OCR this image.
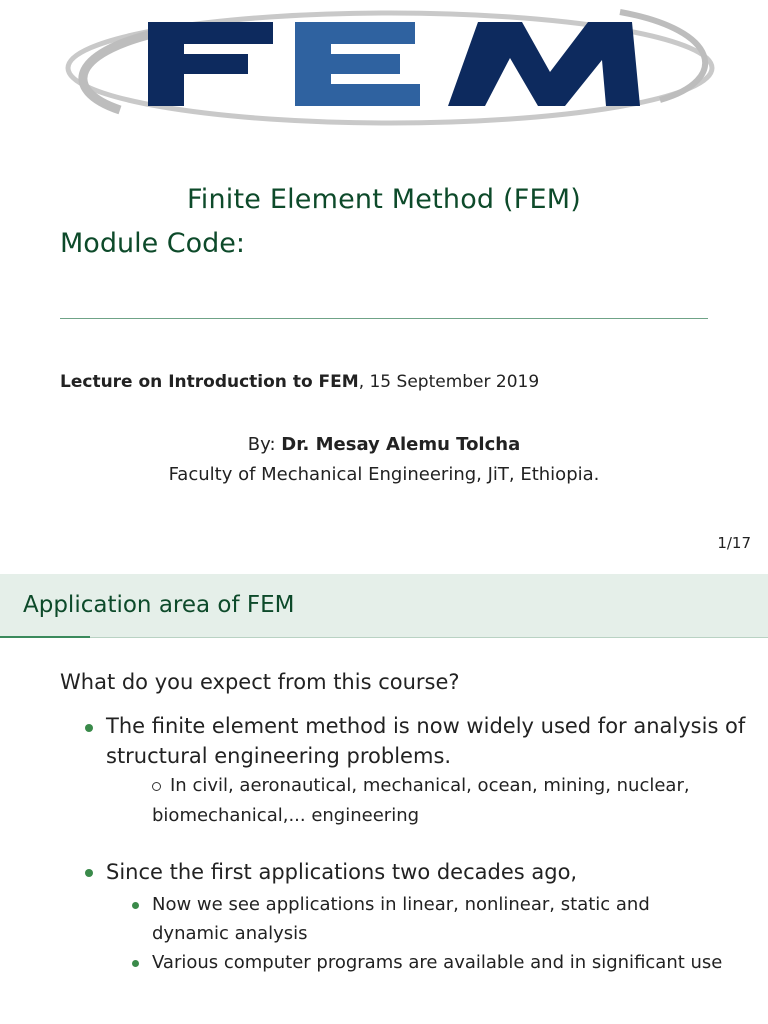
Finite Element Method (FEM)
Module Code:
Lecture on Introduction to FEM, 15 September 2019
By: Dr. Mesay Alemu Tolcha
Faculty of Mechanical Engineering, JiT, Ethiopia.
1/17
Application area of FEM
What do you expect from this course?
The finite element method is now widely used for analysis of
structural engineering problems.
In civil, aeronautical, mechanical, ocean, mining, nuclear,
biomechanical,... engineering
Since the first applications two decades ago,
Now we see applications in linear, nonlinear, static and
dynamic analysis
Various computer programs are available and in significant use
